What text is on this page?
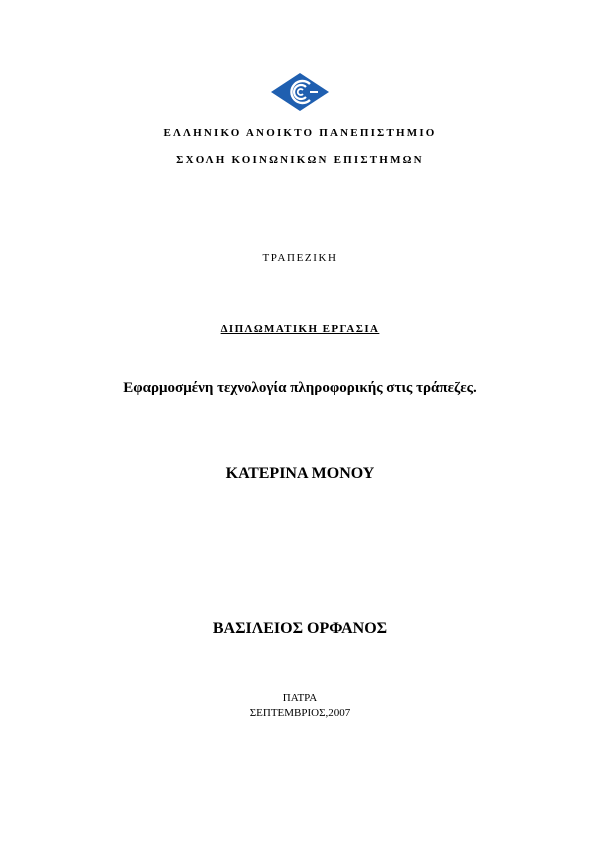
ΕΛΛΗΝΙΚΟ ΑΝΟΙΚΤΟ ΠΑΝΕΠΙΣΤΗΜΙΟ
ΣΧΟΛΗ ΚΟΙΝΩΝΙΚΩΝ ΕΠΙΣΤΗΜΩΝ
ΤΡΑΠΕΖΙΚΗ
ΔΙΠΛΩΜΑΤΙΚΗ ΕΡΓΑΣΙΑ
Εφαρμοσμένη τεχνολογία πληροφορικής στις τράπεζες.
ΚΑΤΕΡΙΝΑ ΜΟΝΟΥ
ΒΑΣΙΛΕΙΟΣ ΟΡΦΑΝΟΣ
ΠΑΤΡΑ
ΣΕΠΤΕΜΒΡΙΟΣ,2007
